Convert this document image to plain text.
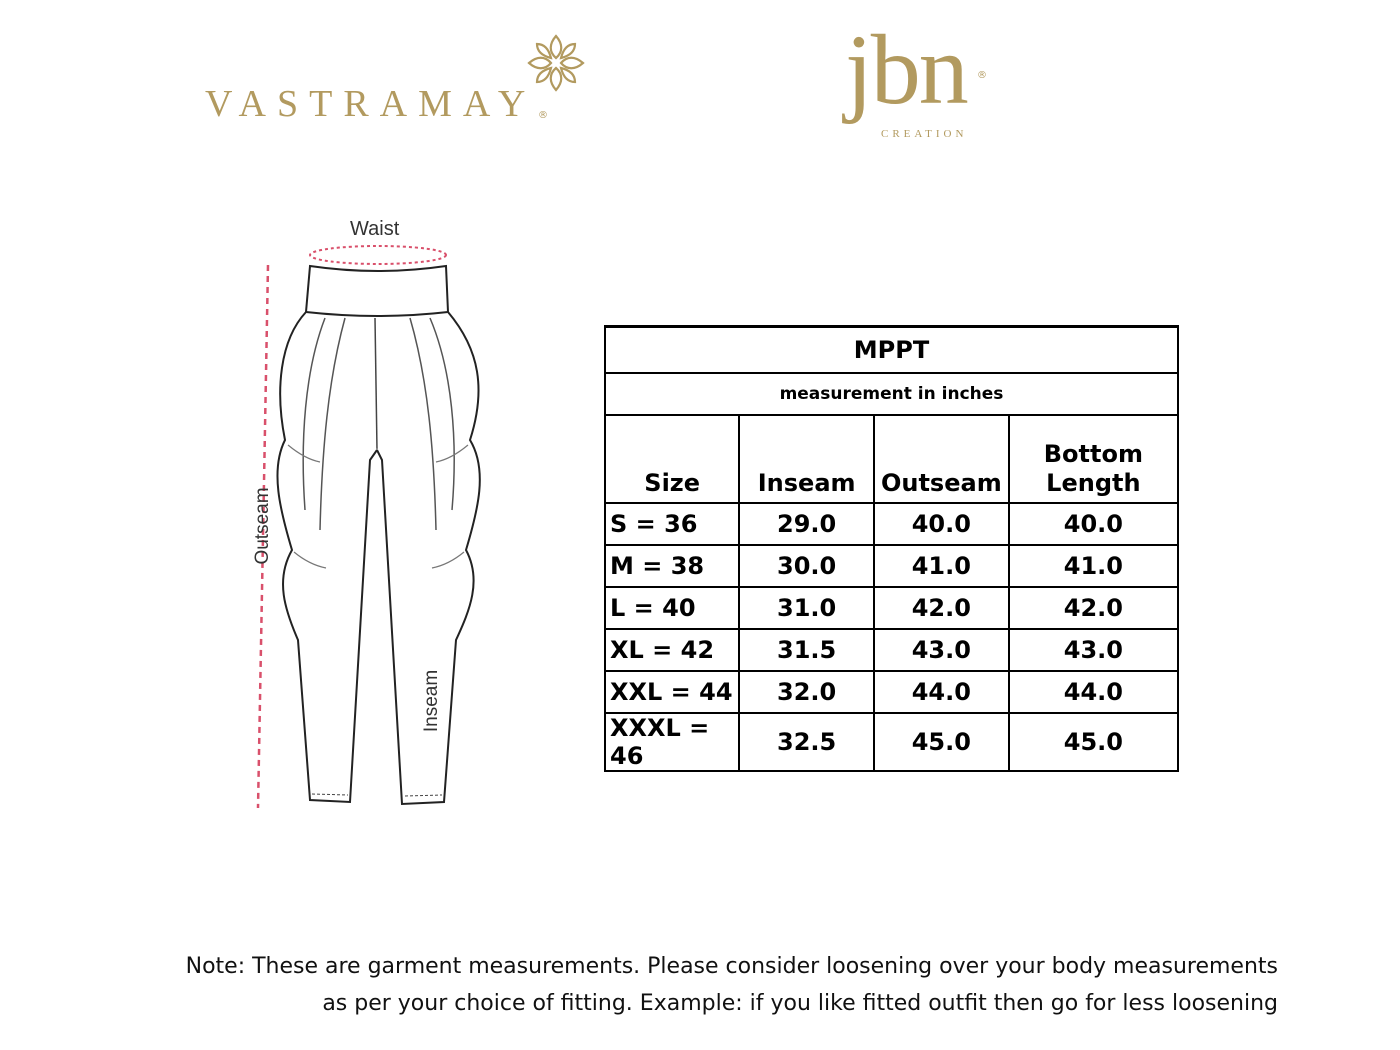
VASTRAMAY ®	jbn ®
CREATION
Waist
Outseam
Inseam
MPPT			
measurement in inches			
Size	Inseam	Outseam	Bottom
Length

S = 36	29.0	40.0	40.0
M = 38	30.0	41.0	41.0
L = 40	31.0	42.0	42.0
XL = 42	31.5	43.0	43.0
XXL = 44	32.0	44.0	44.0
XXXL = 46	32.5	45.0	45.0
Note: These are garment measurements. Please consider loosening over your body measurements
as per your choice of fitting. Example: if you like fitted outfit then go for less loosening
